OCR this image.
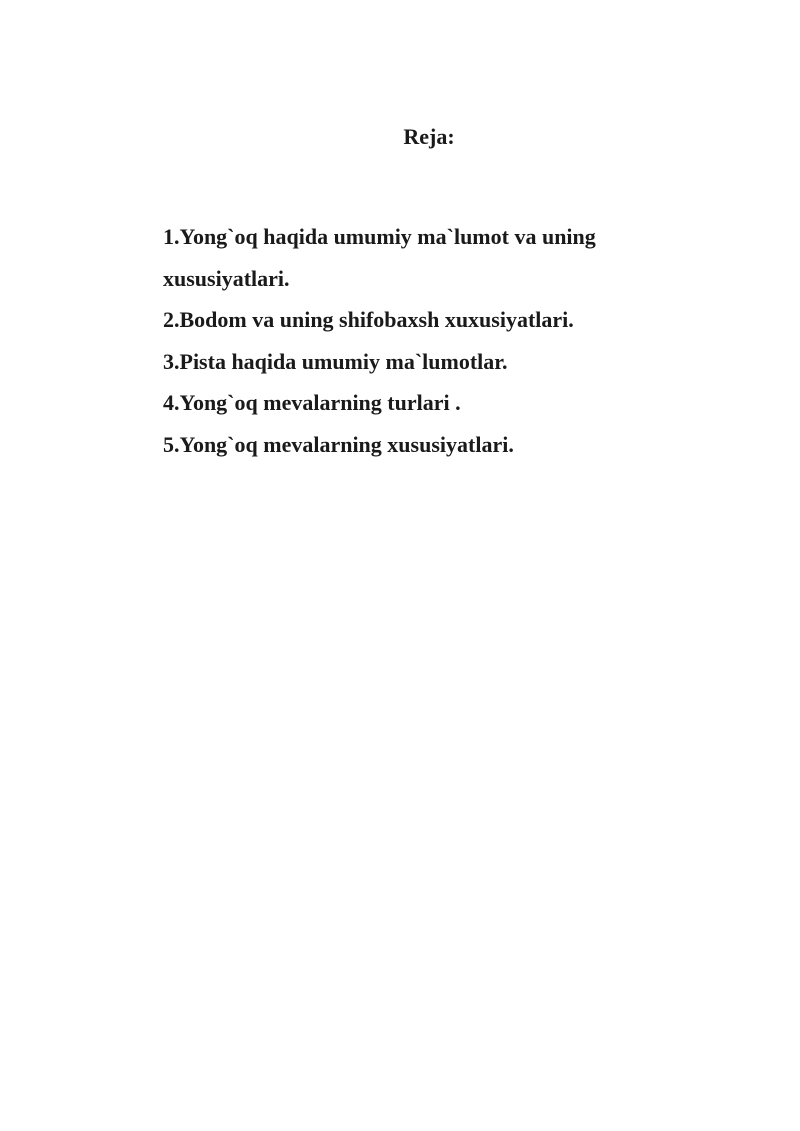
Reja:
1.Yong`oq haqida umumiy ma`lumot va uning xususiyatlari.
2.Bodom va uning shifobaxsh xuxusiyatlari.
3.Pista haqida umumiy ma`lumotlar.
4.Yong`oq mevalarning turlari .
5.Yong`oq mevalarning xususiyatlari.
